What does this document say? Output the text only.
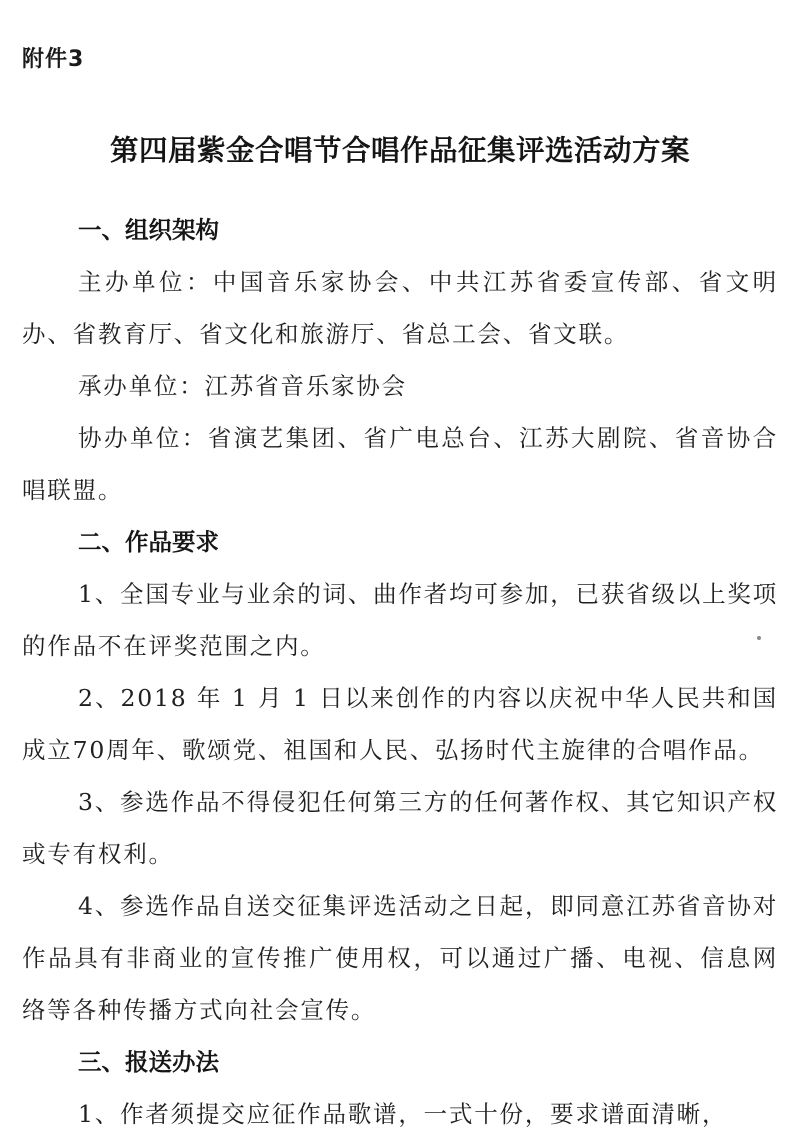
附件3
第四届紫金合唱节合唱作品征集评选活动方案
一、组织架构

主办单位：中国音乐家协会、中共江苏省委宣传部、省文明办、省教育厅、省文化和旅游厅、省总工会、省文联。

承办单位：江苏省音乐家协会

协办单位：省演艺集团、省广电总台、江苏大剧院、省音协合唱联盟。

二、作品要求

1、全国专业与业余的词、曲作者均可参加，已获省级以上奖项的作品不在评奖范围之内。

2、2018 年 1 月 1 日以来创作的内容以庆祝中华人民共和国成立70周年、歌颂党、祖国和人民、弘扬时代主旋律的合唱作品。

3、参选作品不得侵犯任何第三方的任何著作权、其它知识产权或专有权利。

4、参选作品自送交征集评选活动之日起，即同意江苏省音协对作品具有非商业的宣传推广使用权，可以通过广播、电视、信息网络等各种传播方式向社会宣传。

三、报送办法

1、作者须提交应征作品歌谱，一式十份，要求谱面清晰，
